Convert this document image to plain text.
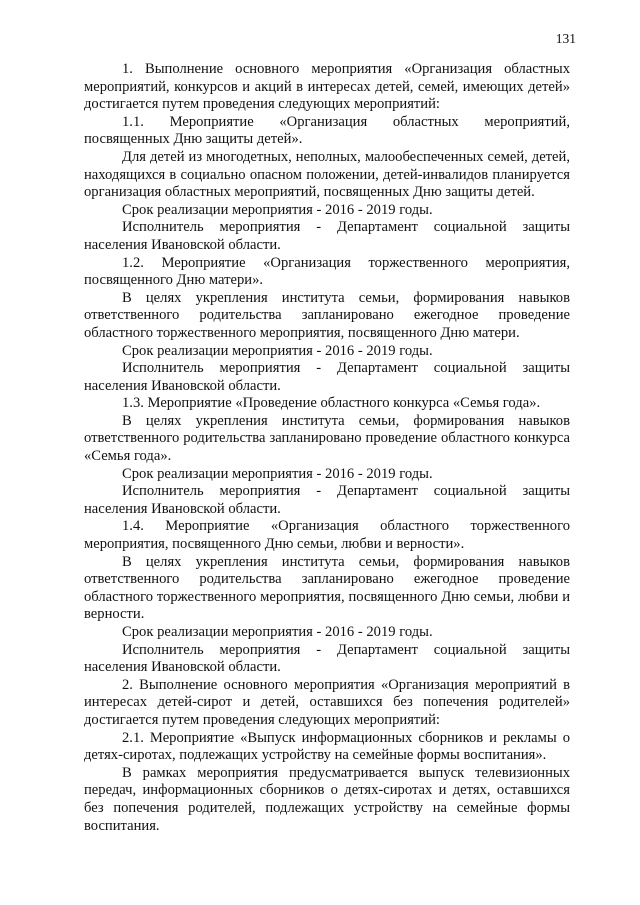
131

1. Выполнение основного мероприятия «Организация областных мероприятий, конкурсов и акций в интересах детей, семей, имеющих детей» достигается путем проведения следующих мероприятий:

1.1. Мероприятие «Организация областных мероприятий, посвященных Дню защиты детей».

Для детей из многодетных, неполных, малообеспеченных семей, детей, находящихся в социально опасном положении, детей-инвалидов планируется организация областных мероприятий, посвященных Дню защиты детей.

Срок реализации мероприятия - 2016 - 2019 годы.

Исполнитель мероприятия - Департамент социальной защиты населения Ивановской области.

1.2. Мероприятие «Организация торжественного мероприятия, посвященного Дню матери».

В целях укрепления института семьи, формирования навыков ответственного родительства запланировано ежегодное проведение областного торжественного мероприятия, посвященного Дню матери.

Срок реализации мероприятия - 2016 - 2019 годы.

Исполнитель мероприятия - Департамент социальной защиты населения Ивановской области.

1.3. Мероприятие «Проведение областного конкурса «Семья года».

В целях укрепления института семьи, формирования навыков ответственного родительства запланировано проведение областного конкурса «Семья года».

Срок реализации мероприятия - 2016 - 2019 годы.

Исполнитель мероприятия - Департамент социальной защиты населения Ивановской области.

1.4. Мероприятие «Организация областного торжественного мероприятия, посвященного Дню семьи, любви и верности».

В целях укрепления института семьи, формирования навыков ответственного родительства запланировано ежегодное проведение областного торжественного мероприятия, посвященного Дню семьи, любви и верности.

Срок реализации мероприятия - 2016 - 2019 годы.

Исполнитель мероприятия - Департамент социальной защиты населения Ивановской области.

2. Выполнение основного мероприятия «Организация мероприятий в интересах детей-сирот и детей, оставшихся без попечения родителей» достигается путем проведения следующих мероприятий:

2.1. Мероприятие «Выпуск информационных сборников и рекламы о детях-сиротах, подлежащих устройству на семейные формы воспитания».

В рамках мероприятия предусматривается выпуск телевизионных передач, информационных сборников о детях-сиротах и детях, оставшихся без попечения родителей, подлежащих устройству на семейные формы воспитания.
